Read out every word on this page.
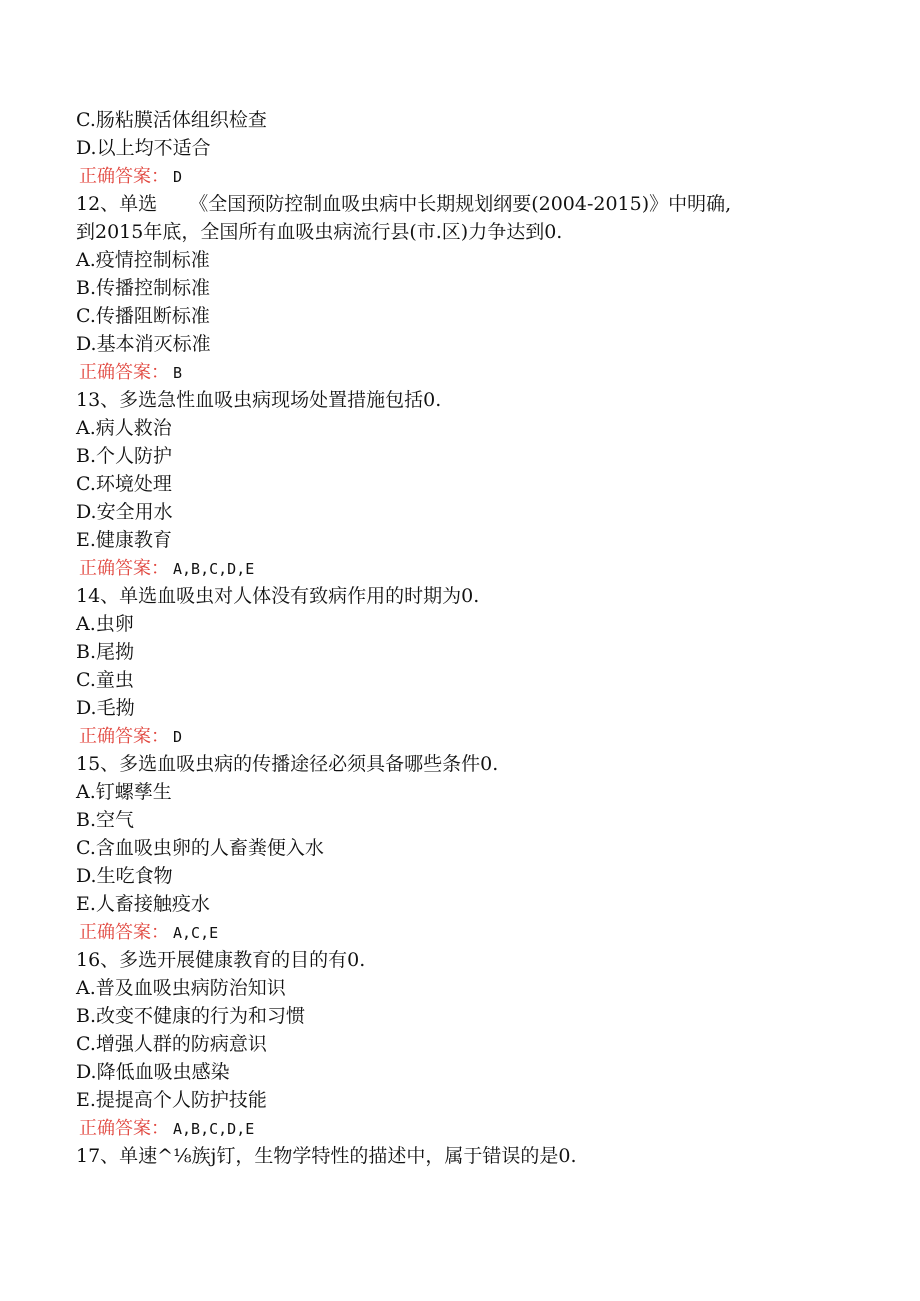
C.肠粘膜活体组织检查
D.以上均不适合
正确答案： D
12、单选 《全国预防控制血吸虫病中长期规划纲要(2004-2015)》中明确,
到2015年底，全国所有血吸虫病流行县(市.区)力争达到0.
A.疫情控制标准
B.传播控制标准
C.传播阻断标准
D.基本消灭标准
正确答案： B
13、多选急性血吸虫病现场处置措施包括0.
A.病人救治
B.个人防护
C.环境处理
D.安全用水
E.健康教育
正确答案： A,B,C,D,E
14、单选血吸虫对人体没有致病作用的时期为0.
A.虫卵
B.尾拗
C.童虫
D.毛拗
正确答案： D
15、多选血吸虫病的传播途径必须具备哪些条件0.
A.钉螺孳生
B.空气
C.含血吸虫卵的人畜粪便入水
D.生吃食物
E.人畜接触疫水
正确答案： A,C,E
16、多选开展健康教育的目的有0.
A.普及血吸虫病防治知识
B.改变不健康的行为和习惯
C.增强人群的防病意识
D.降低血吸虫感染
E.提提高个人防护技能
正确答案： A,B,C,D,E
17、单速^⅛族j钉，生物学特性的描述中，属于错误的是0.
